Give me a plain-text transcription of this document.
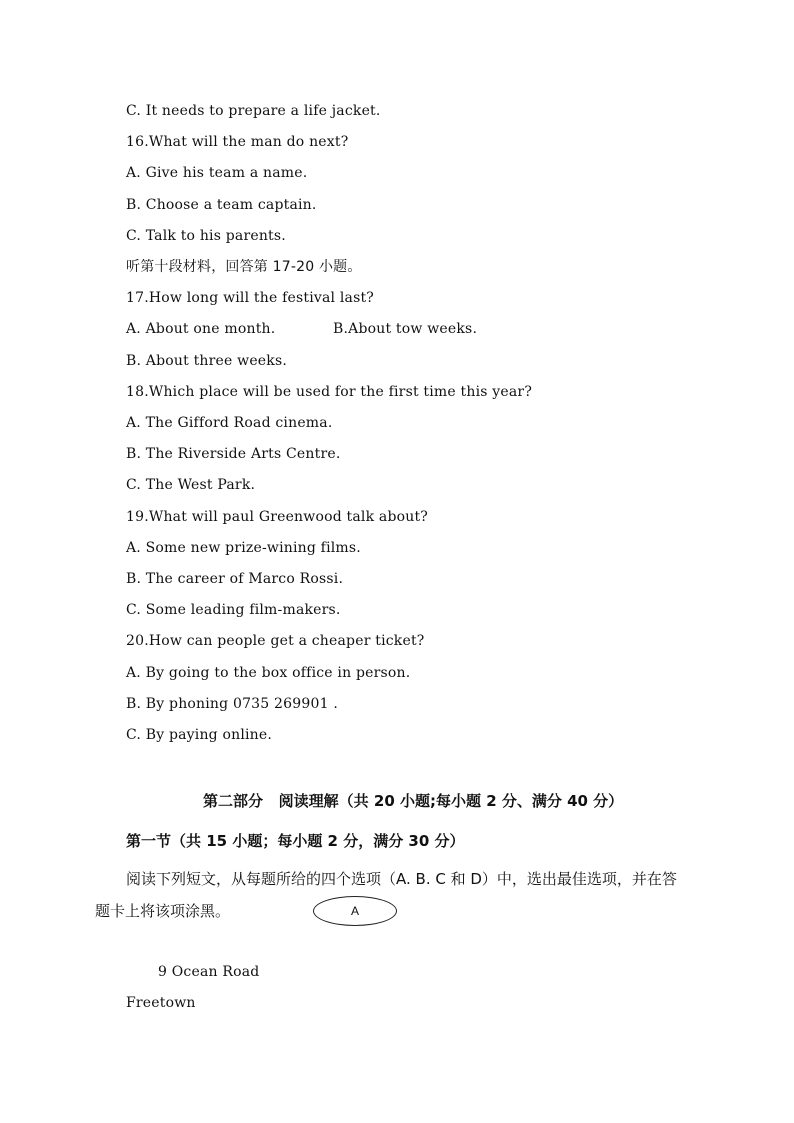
C. It needs to prepare a life jacket.
16.What will the man do next?
A. Give his team a name.
B. Choose a team captain.
C. Talk to his parents.
听第十段材料，回答第 17-20 小题。
17.How long will the festival last?
A. About one month.	B.About tow weeks.
B. About three weeks.
18.Which place will be used for the first time this year?
A. The Gifford Road cinema.
B. The Riverside Arts Centre.
C. The West Park.
19.What will paul Greenwood talk about?
A. Some new prize-wining films.
B. The career of Marco Rossi.
C. Some leading film-makers.
20.How can people get a cheaper ticket?
A. By going to the box office in person.
B. By phoning 0735 269901 .
C. By paying online.
第二部分   阅读理解（共 20 小题;每小题 2 分、满分 40 分）
第一节（共 15 小题；每小题 2 分，满分 30 分）
阅读下列短文，从每题所给的四个选项（A. B. C 和 D）中，选出最佳选项，并在答
题卡上将该项涂黑。	A
9 Ocean Road
Freetown
